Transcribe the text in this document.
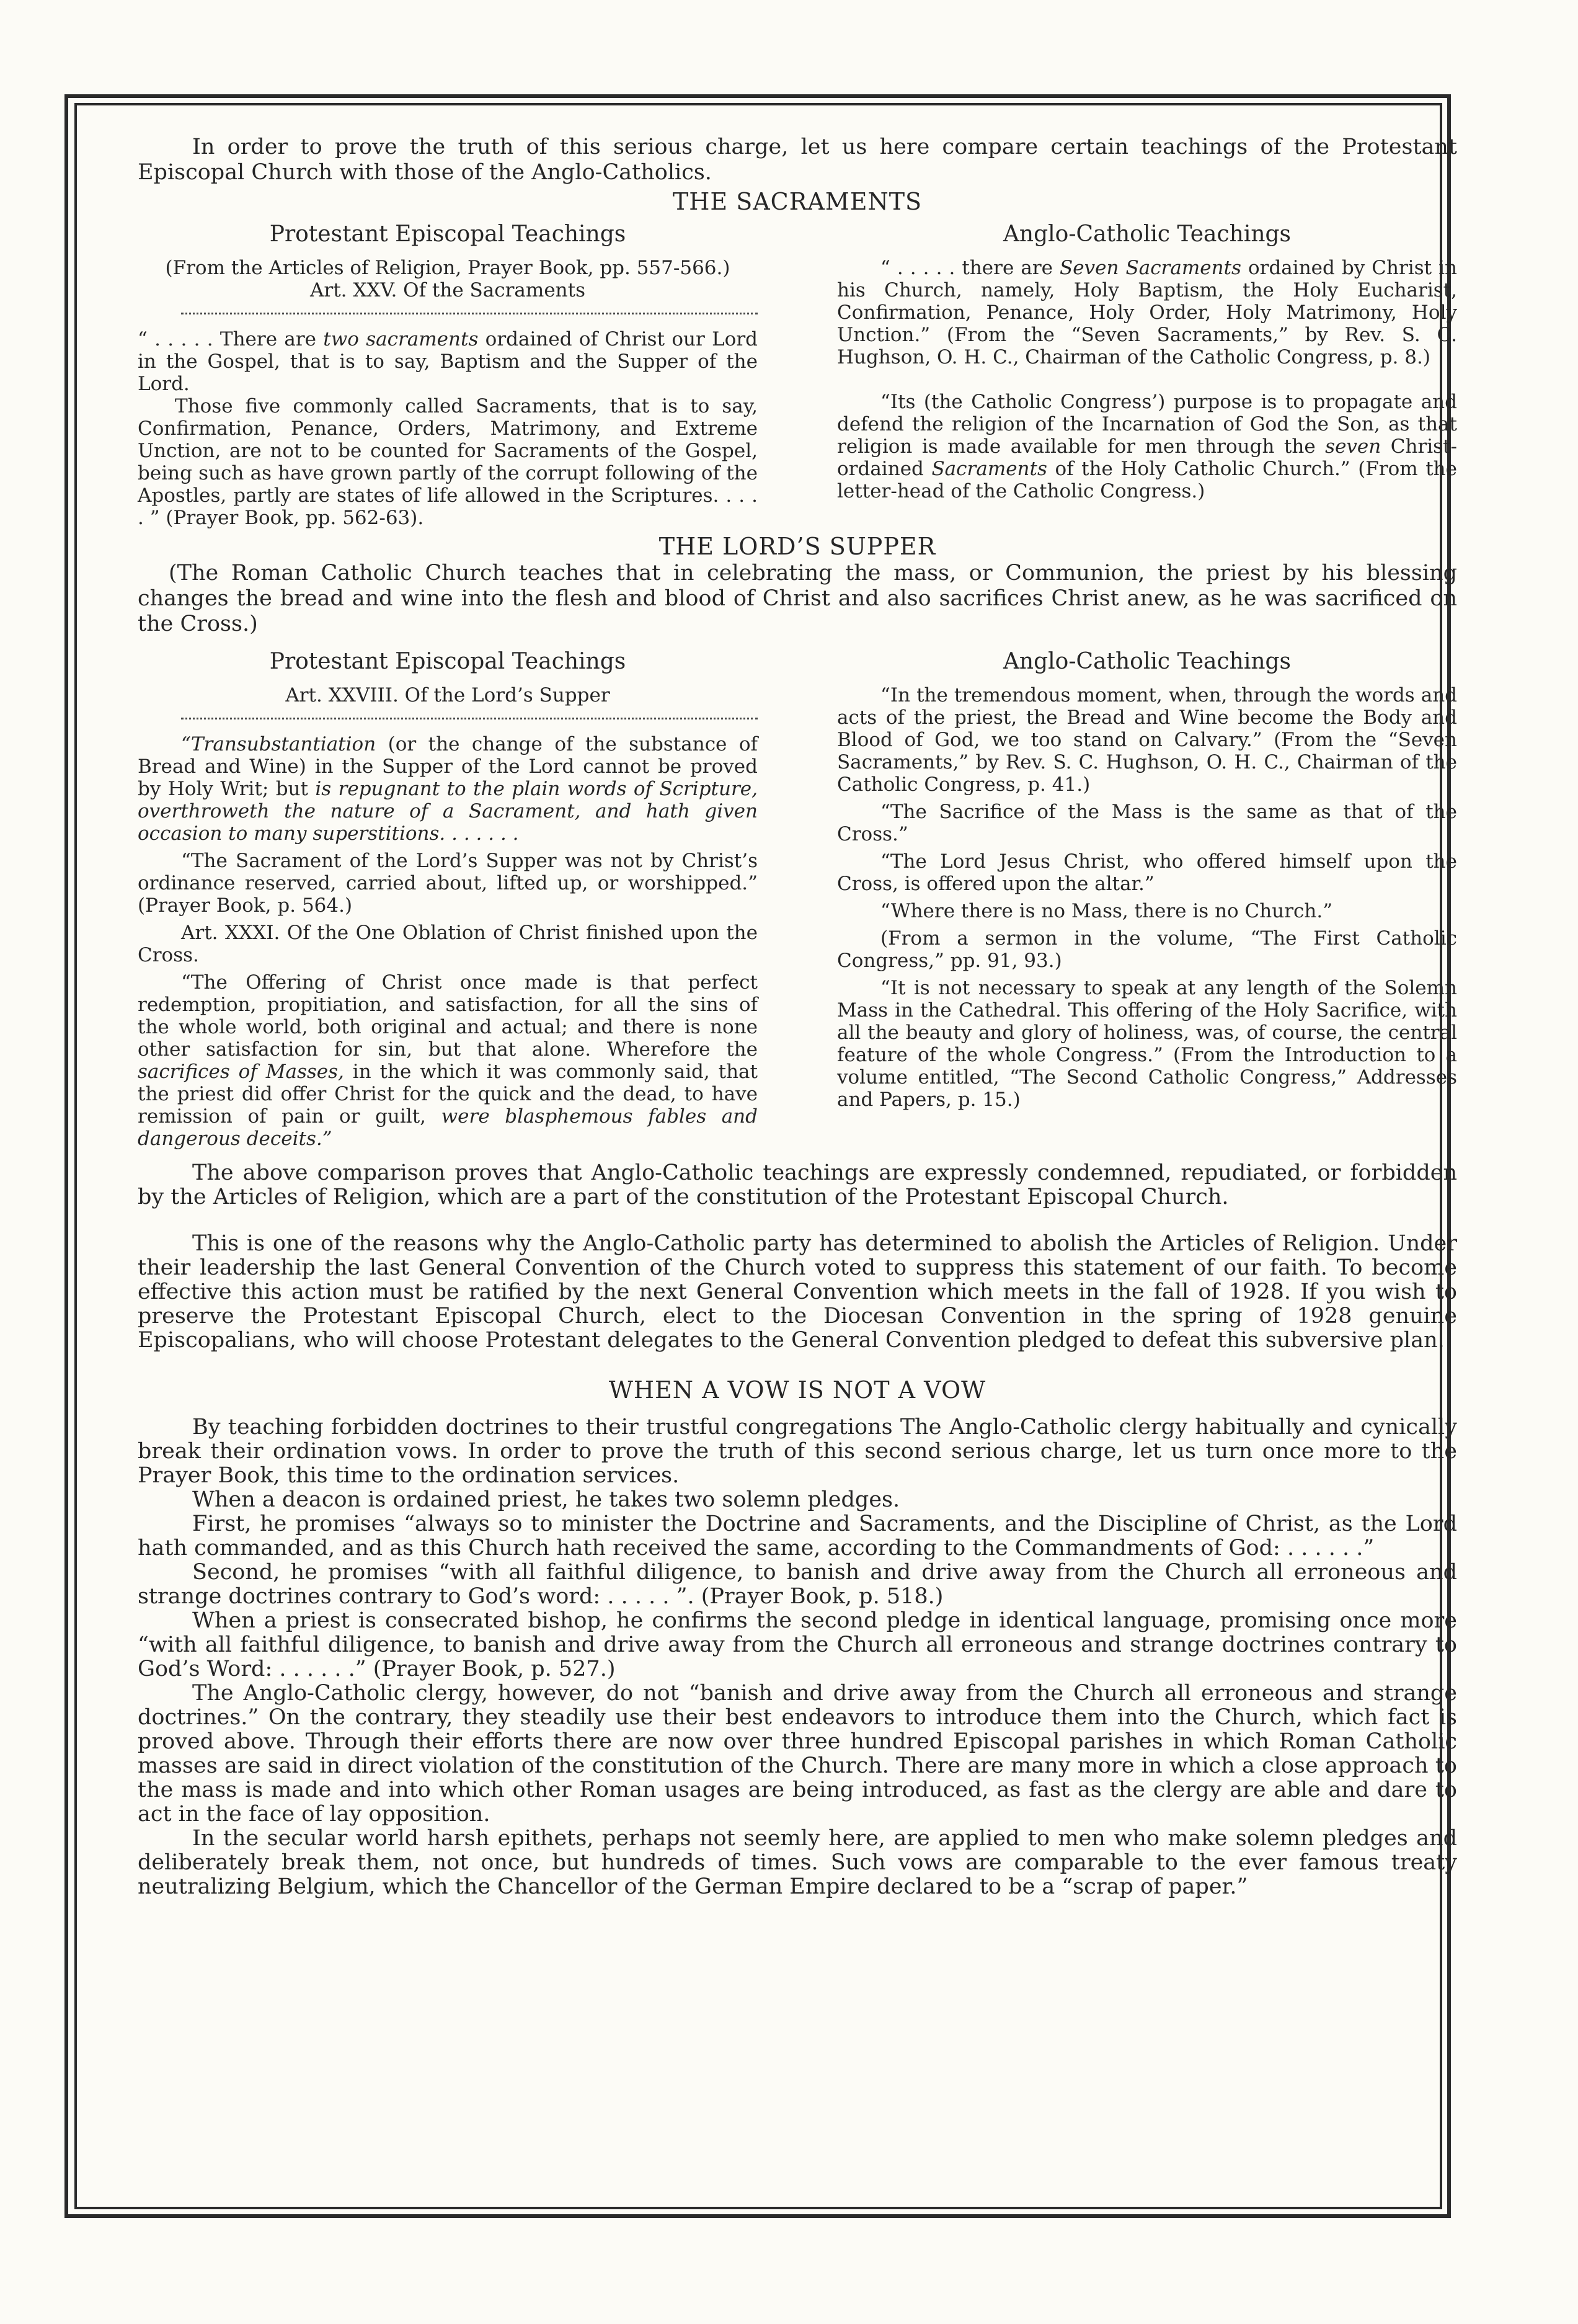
In order to prove the truth of this serious charge, let us here compare certain teachings of the Protestant Episcopal Church with those of the Anglo-Catholics.

THE SACRAMENTS
Protestant Episcopal Teachings
(From the Articles of Religion, Prayer Book, pp. 557-566.)
Art. XXV. Of the Sacraments

“ . . . . . There are two sacraments ordained of Christ our Lord in the Gospel, that is to say, Baptism and the Supper of the Lord.

Those five commonly called Sacraments, that is to say, Confirmation, Penance, Orders, Matrimony, and Extreme Unction, are not to be counted for Sacraments of the Gospel, being such as have grown partly of the corrupt following of the Apostles, partly are states of life allowed in the Scriptures. . . . . ” (Prayer Book, pp. 562-63).

Anglo-Catholic Teachings

“ . . . . . there are Seven Sacraments ordained by Christ in his Church, namely, Holy Baptism, the Holy Eucharist, Confirmation, Penance, Holy Order, Holy Matrimony, Holy Unction.” (From the “Seven Sacraments,” by Rev. S. C. Hughson, O. H. C., Chairman of the Catholic Congress, p. 8.)

“Its (the Catholic Congress’) purpose is to propagate and defend the religion of the Incarnation of God the Son, as that religion is made available for men through the seven Christ-ordained Sacraments of the Holy Catholic Church.” (From the letter-head of the Catholic Congress.)

THE LORD’S SUPPER

(The Roman Catholic Church teaches that in celebrating the mass, or Communion, the priest by his blessing changes the bread and wine into the flesh and blood of Christ and also sacrifices Christ anew, as he was sacrificed on the Cross.)

Protestant Episcopal Teachings
Art. XXVIII. Of the Lord’s Supper

“Transubstantiation (or the change of the substance of Bread and Wine) in the Supper of the Lord cannot be proved by Holy Writ; but is repugnant to the plain words of Scripture, overthroweth the nature of a Sacrament, and hath given occasion to many superstitions. . . . . . .

“The Sacrament of the Lord’s Supper was not by Christ’s ordinance reserved, carried about, lifted up, or worshipped.” (Prayer Book, p. 564.)

Art. XXXI. Of the One Oblation of Christ finished upon the Cross.

“The Offering of Christ once made is that perfect redemption, propitiation, and satisfaction, for all the sins of the whole world, both original and actual; and there is none other satisfaction for sin, but that alone. Wherefore the sacrifices of Masses, in the which it was commonly said, that the priest did offer Christ for the quick and the dead, to have remission of pain or guilt, were blasphemous fables and dangerous deceits.”

Anglo-Catholic Teachings

“In the tremendous moment, when, through the words and acts of the priest, the Bread and Wine become the Body and Blood of God, we too stand on Calvary.” (From the “Seven Sacraments,” by Rev. S. C. Hughson, O. H. C., Chairman of the Catholic Congress, p. 41.)

“The Sacrifice of the Mass is the same as that of the Cross.”

“The Lord Jesus Christ, who offered himself upon the Cross, is offered upon the altar.”

“Where there is no Mass, there is no Church.”

(From a sermon in the volume, “The First Catholic Congress,” pp. 91, 93.)

“It is not necessary to speak at any length of the Solemn Mass in the Cathedral. This offering of the Holy Sacrifice, with all the beauty and glory of holiness, was, of course, the central feature of the whole Congress.” (From the Introduction to a volume entitled, “The Second Catholic Congress,” Addresses and Papers, p. 15.)

The above comparison proves that Anglo-Catholic teachings are expressly condemned, repudiated, or forbidden by the Articles of Religion, which are a part of the constitution of the Protestant Episcopal Church.

This is one of the reasons why the Anglo-Catholic party has determined to abolish the Articles of Religion. Under their leadership the last General Convention of the Church voted to suppress this statement of our faith. To become effective this action must be ratified by the next General Convention which meets in the fall of 1928. If you wish to preserve the Protestant Episcopal Church, elect to the Diocesan Convention in the spring of 1928 genuine Episcopalians, who will choose Protestant delegates to the General Convention pledged to defeat this subversive plan.

WHEN A VOW IS NOT A VOW

By teaching forbidden doctrines to their trustful congregations The Anglo-Catholic clergy habitually and cynically break their ordination vows. In order to prove the truth of this second serious charge, let us turn once more to the Prayer Book, this time to the ordination services.

When a deacon is ordained priest, he takes two solemn pledges.

First, he promises “always so to minister the Doctrine and Sacraments, and the Discipline of Christ, as the Lord hath commanded, and as this Church hath received the same, according to the Commandments of God: . . . . . .”

Second, he promises “with all faithful diligence, to banish and drive away from the Church all erroneous and strange doctrines contrary to God’s word: . . . . . ”. (Prayer Book, p. 518.)

When a priest is consecrated bishop, he confirms the second pledge in identical language, promising once more “with all faithful diligence, to banish and drive away from the Church all erroneous and strange doctrines contrary to God’s Word: . . . . . .” (Prayer Book, p. 527.)

The Anglo-Catholic clergy, however, do not “banish and drive away from the Church all erroneous and strange doctrines.” On the contrary, they steadily use their best endeavors to introduce them into the Church, which fact is proved above. Through their efforts there are now over three hundred Episcopal parishes in which Roman Catholic masses are said in direct violation of the constitution of the Church. There are many more in which a close approach to the mass is made and into which other Roman usages are being introduced, as fast as the clergy are able and dare to act in the face of lay opposition.

In the secular world harsh epithets, perhaps not seemly here, are applied to men who make solemn pledges and deliberately break them, not once, but hundreds of times. Such vows are comparable to the ever famous treaty neutralizing Belgium, which the Chancellor of the German Empire declared to be a “scrap of paper.”
